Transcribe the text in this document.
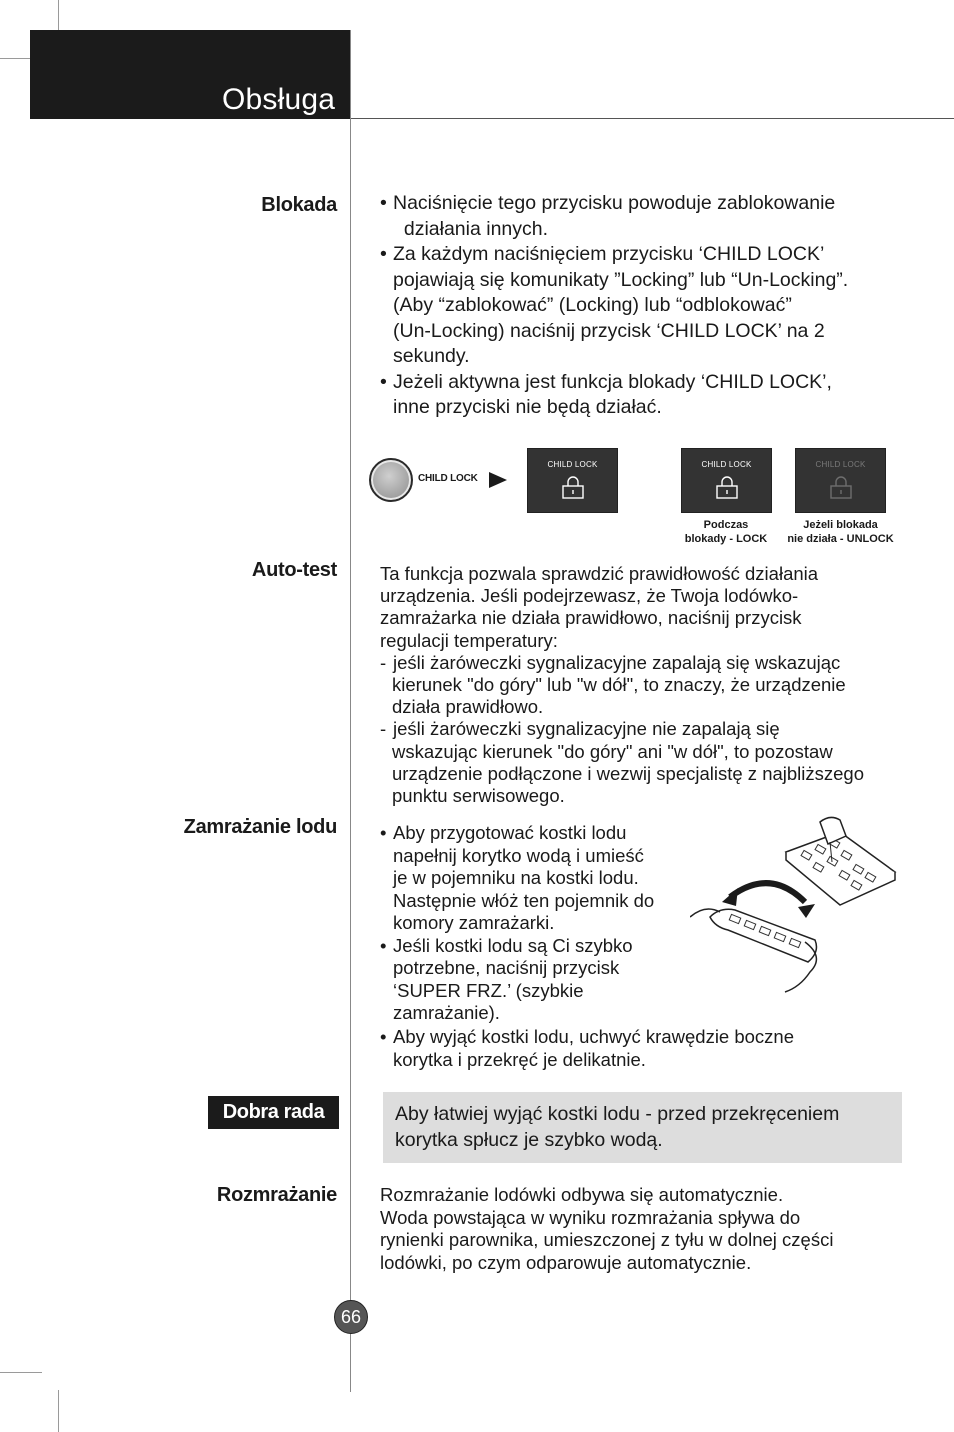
Obsługa
Blokada • Naciśnięcie tego przycisku powoduje zablokowanie
działania innych.

• Za każdym naciśnięciem przycisku ‘CHILD LOCK’
pojawiają się komunikaty ”Locking” lub “Un-Locking”.
(Aby “zablokować” (Locking) lub “odblokować”
(Un-Locking) naciśnij przycisk ‘CHILD LOCK’ na 2
sekundy.

• Jeżeli aktywna jest funkcja blokady ‘CHILD LOCK’,
inne przyciski nie będą działać.

CHILD LOCK
CHILD LOCK	CHILD LOCK	CHILD LOCK
Podczas
blokady - LOCK
Jeżeli blokada
nie działa - UNLOCK
Auto-test Ta funkcja pozwala sprawdzić prawidłowość działania
urządzenia. Jeśli podejrzewasz, że Twoja lodówko-
zamrażarka nie działa prawidłowo, naciśnij przycisk
regulacji temperatury:

- jeśli żaróweczki sygnalizacyjne zapalają się wskazując
kierunek "do góry" lub "w dół", to znaczy, że urządzenie
działa prawidłowo.

- jeśli żaróweczki sygnalizacyjne nie zapalają się
wskazując kierunek "do góry" ani "w dół", to pozostaw
urządzenie podłączone i wezwij specjalistę z najbliższego
punktu serwisowego.

Zamrażanie lodu • Aby przygotować kostki lodu
napełnij korytko wodą i umieść
je w pojemniku na kostki lodu.
Następnie włóż ten pojemnik do
komory zamrażarki.

• Jeśli kostki lodu są Ci szybko
potrzebne, naciśnij przycisk
‘SUPER FRZ.’ (szybkie
zamrażanie).

• Aby wyjąć kostki lodu, uchwyć krawędzie boczne
korytka i przekręć je delikatnie.

Dobra rada	Aby łatwiej wyjąć kostki lodu - przed przekręceniem
korytka spłucz je szybko wodą.
Rozmrażanie Rozmrażanie lodówki odbywa się automatycznie.
Woda powstająca w wyniku rozmrażania spływa do
rynienki parownika, umieszczonej z tyłu w dolnej części
lodówki, po czym odparowuje automatycznie.

66
